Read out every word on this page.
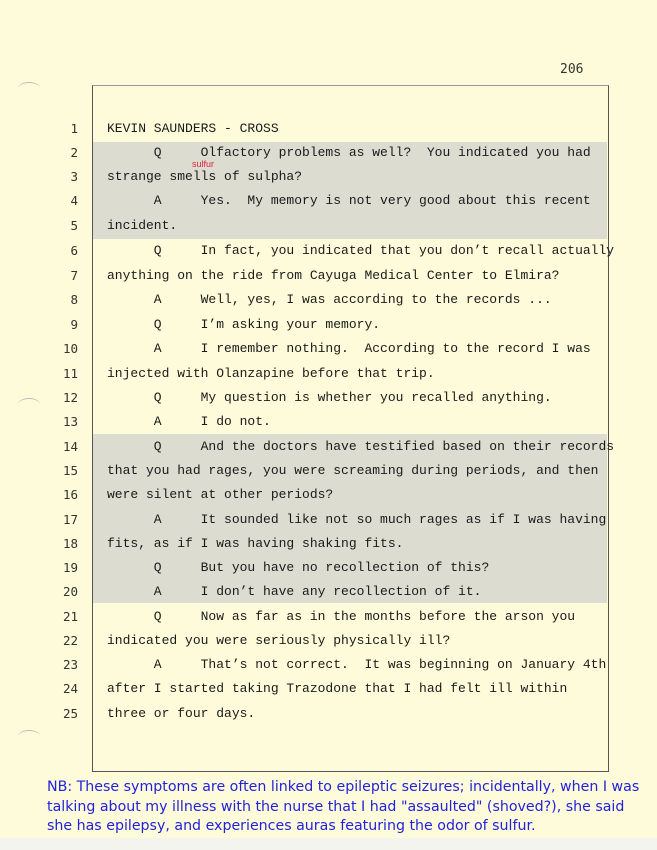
206
1 KEVIN SAUNDERS - CROSS
2 Q     Olfactory problems as well?  You indicated you had
3 strange smells of sulpha?
4 A     Yes.  My memory is not very good about this recent
5 incident.
6 Q     In fact, you indicated that you don’t recall actually
7 anything on the ride from Cayuga Medical Center to Elmira?
8 A     Well, yes, I was according to the records ...
9 Q     I’m asking your memory.
10 A     I remember nothing.  According to the record I was
11 injected with Olanzapine before that trip.
12 Q     My question is whether you recalled anything.
13 A     I do not.
14 Q     And the doctors have testified based on their records
15 that you had rages, you were screaming during periods, and then
16 were silent at other periods?
17 A     It sounded like not so much rages as if I was having
18 fits, as if I was having shaking fits.
19 Q     But you have no recollection of this?
20 A     I don’t have any recollection of it.
21 Q     Now as far as in the months before the arson you
22 indicated you were seriously physically ill?
23 A     That’s not correct.  It was beginning on January 4th
24 after I started taking Trazodone that I had felt ill within
25 three or four days.
sulfur
NB: These symptoms are often linked to epileptic seizures; incidentally, when I was talking about my illness with the nurse that I had "assaulted" (shoved?), she said she has epilepsy, and experiences auras featuring the odor of sulfur.
